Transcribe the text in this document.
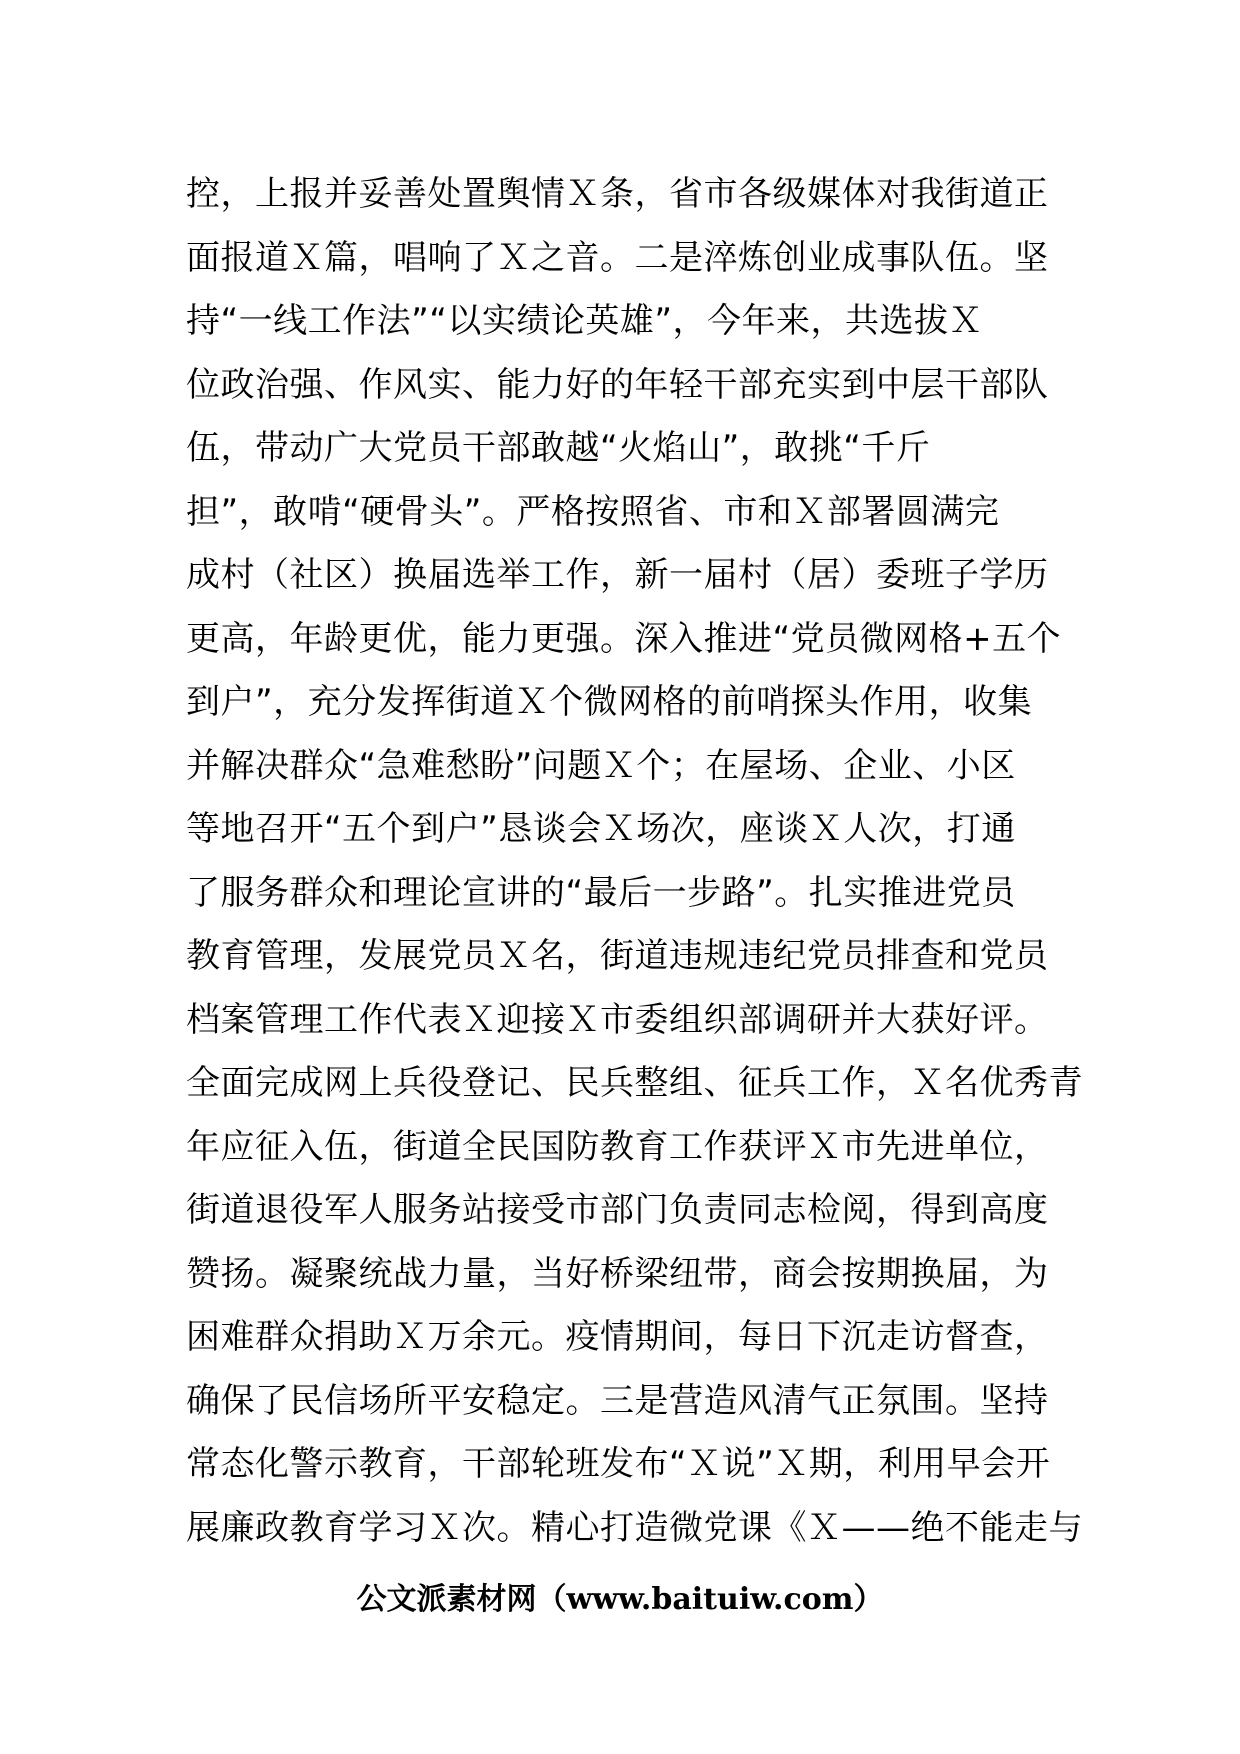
控，上报并妥善处置舆情Ｘ条，省市各级媒体对我街道正
面报道Ｘ篇，唱响了Ｘ之音。二是淬炼创业成事队伍。坚
持“一线工作法”“以实绩论英雄”，今年来，共选拔Ｘ
位政治强、作风实、能力好的年轻干部充实到中层干部队
伍，带动广大党员干部敢越“火焰山”，敢挑“千斤
担”，敢啃“硬骨头”。严格按照省、市和Ｘ部署圆满完
成村（社区）换届选举工作，新一届村（居）委班子学历
更高，年龄更优，能力更强。深入推进“党员微网格+五个
到户”，充分发挥街道Ｘ个微网格的前哨探头作用，收集
并解决群众“急难愁盼”问题Ｘ个；在屋场、企业、小区
等地召开“五个到户”恳谈会Ｘ场次，座谈Ｘ人次，打通
了服务群众和理论宣讲的“最后一步路”。扎实推进党员
教育管理，发展党员Ｘ名，街道违规违纪党员排查和党员
档案管理工作代表Ｘ迎接Ｘ市委组织部调研并大获好评。
全面完成网上兵役登记、民兵整组、征兵工作，Ｘ名优秀青
年应征入伍，街道全民国防教育工作获评Ｘ市先进单位，
街道退役军人服务站接受市部门负责同志检阅，得到高度
赞扬。凝聚统战力量，当好桥梁纽带，商会按期换届，为
困难群众捐助Ｘ万余元。疫情期间，每日下沉走访督查，
确保了民信场所平安稳定。三是营造风清气正氛围。坚持
常态化警示教育，干部轮班发布“Ｘ说”Ｘ期，利用早会开
展廉政教育学习Ｘ次。精心打造微党课《Ｘ——绝不能走与
公文派素材网（www.baituiw.com）
